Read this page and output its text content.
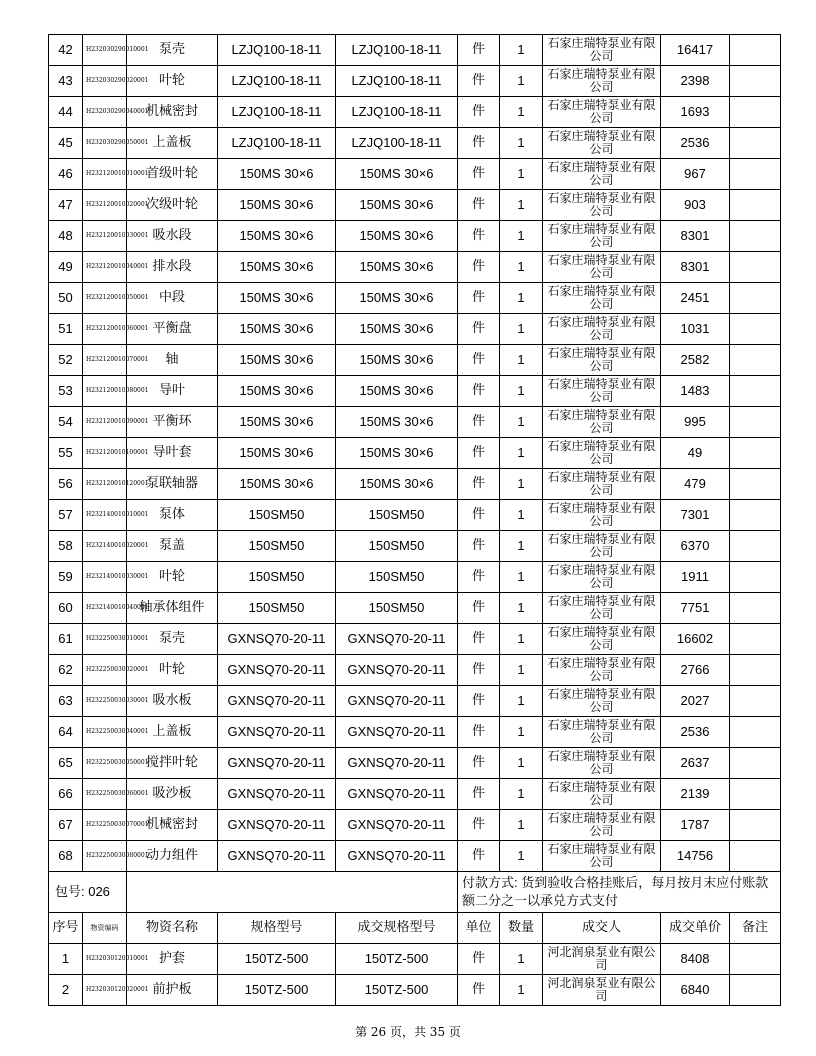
42	H232030290010001	泵壳	LZJQ100-18-11	LZJQ100-18-11	件	1	石家庄瑞特泵业有限公司	16417	
43	H232030290020001	叶轮	LZJQ100-18-11	LZJQ100-18-11	件	1	石家庄瑞特泵业有限公司	2398	
44	H232030290040001	机械密封	LZJQ100-18-11	LZJQ100-18-11	件	1	石家庄瑞特泵业有限公司	1693	
45	H232030290050001	上盖板	LZJQ100-18-11	LZJQ100-18-11	件	1	石家庄瑞特泵业有限公司	2536	
46	H232120010010001	首级叶轮	150MS 30×6	150MS 30×6	件	1	石家庄瑞特泵业有限公司	967	
47	H232120010020001	次级叶轮	150MS 30×6	150MS 30×6	件	1	石家庄瑞特泵业有限公司	903	
48	H232120010030001	吸水段	150MS 30×6	150MS 30×6	件	1	石家庄瑞特泵业有限公司	8301	
49	H232120010040001	排水段	150MS 30×6	150MS 30×6	件	1	石家庄瑞特泵业有限公司	8301	
50	H232120010050001	中段	150MS 30×6	150MS 30×6	件	1	石家庄瑞特泵业有限公司	2451	
51	H232120010060001	平衡盘	150MS 30×6	150MS 30×6	件	1	石家庄瑞特泵业有限公司	1031	
52	H232120010070001	轴	150MS 30×6	150MS 30×6	件	1	石家庄瑞特泵业有限公司	2582	
53	H232120010080001	导叶	150MS 30×6	150MS 30×6	件	1	石家庄瑞特泵业有限公司	1483	
54	H232120010090001	平衡环	150MS 30×6	150MS 30×6	件	1	石家庄瑞特泵业有限公司	995	
55	H232120010100001	导叶套	150MS 30×6	150MS 30×6	件	1	石家庄瑞特泵业有限公司	49	
56	H232120010120001	泵联轴器	150MS 30×6	150MS 30×6	件	1	石家庄瑞特泵业有限公司	479	
57	H232140010010001	泵体	150SM50	150SM50	件	1	石家庄瑞特泵业有限公司	7301	
58	H232140010020001	泵盖	150SM50	150SM50	件	1	石家庄瑞特泵业有限公司	6370	
59	H232140010030001	叶轮	150SM50	150SM50	件	1	石家庄瑞特泵业有限公司	1911	
60	H232140010040001	轴承体组件	150SM50	150SM50	件	1	石家庄瑞特泵业有限公司	7751	
61	H232250030010001	泵壳	GXNSQ70-20-11	GXNSQ70-20-11	件	1	石家庄瑞特泵业有限公司	16602	
62	H232250030020001	叶轮	GXNSQ70-20-11	GXNSQ70-20-11	件	1	石家庄瑞特泵业有限公司	2766	
63	H232250030030001	吸水板	GXNSQ70-20-11	GXNSQ70-20-11	件	1	石家庄瑞特泵业有限公司	2027	
64	H232250030040001	上盖板	GXNSQ70-20-11	GXNSQ70-20-11	件	1	石家庄瑞特泵业有限公司	2536	
65	H232250030050001	搅拌叶轮	GXNSQ70-20-11	GXNSQ70-20-11	件	1	石家庄瑞特泵业有限公司	2637	
66	H232250030060001	吸沙板	GXNSQ70-20-11	GXNSQ70-20-11	件	1	石家庄瑞特泵业有限公司	2139	
67	H232250030070001	机械密封	GXNSQ70-20-11	GXNSQ70-20-11	件	1	石家庄瑞特泵业有限公司	1787	
68	H232250030080001	动力组件	GXNSQ70-20-11	GXNSQ70-20-11	件	1	石家庄瑞特泵业有限公司	14756	
包号: 026					付款方式: 货到验收合格挂账后，每月按月末应付账款额二分之一以承兑方式支付				
序号	物资编码	物资名称	规格型号	成交规格型号	单位	数量	成交人	成交单价	备注
1	H232030120010001	护套	150TZ-500	150TZ-500	件	1	河北润泉泵业有限公司	8408	
2	H232030120020001	前护板	150TZ-500	150TZ-500	件	1	河北润泉泵业有限公司	6840	
第 26 页，共 35 页
